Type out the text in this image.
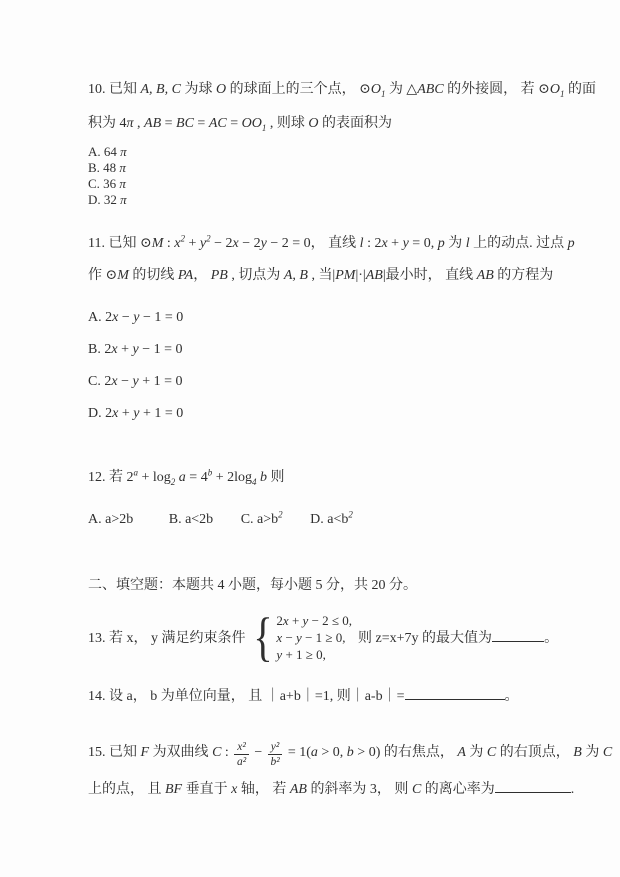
10. 已知 A, B, C 为球 O 的球面上的三个点， $⊙O_1$ 为 △ABC 的外接圆， 若 $⊙O_1$ 的面
积为 4π , AB = BC = AC = $OO_1$ , 则球 O 的表面积为
A. 64 π
B. 48 π
C. 36 π
D. 32 π
11. 已知 ⊙M : $x^2 + y^2 - 2x - 2y - 2 = 0$， 直线 l : 2x + y = 0, p 为 l 上的动点. 过点 p
作 ⊙M 的切线 PA， PB , 切点为 A, B , 当|PM|·|AB|最小时， 直线 AB 的方程为
A. 2x − y − 1 = 0
B. 2x + y − 1 = 0
C. 2x − y + 1 = 0
D. 2x + y + 1 = 0
12. 若 $2^a + \log_2 a = 4^b + 2\log_4$ b 则
A. a>2b	B. a<2b C. $a>b^2$ D. $a<b^2$
二、填空题：本题共 4 小题，每小题 5 分，共 20 分。
13. 若 x， y 满足约束条件 { 2x + y − 2 ≤ 0,
x − y − 1 ≥ 0,
y + 1 ≥ 0,
则 z=x+7y 的最大值为	。
14. 设 a， b 为单位向量， 且 ｜a+b｜=1, 则｜a-b｜=	。
15. 已知 F 为双曲线 C : $\frac{\text{x²}}{\text{a²}} - \frac{\text{y²}}{\text{b²}} = 1(a > 0$, b > 0) 的右焦点， A 为 C 的右顶点， B 为 C
上的点， 且 BF 垂直于 x 轴， 若 AB 的斜率为 3， 则 C 的离心率为	.
